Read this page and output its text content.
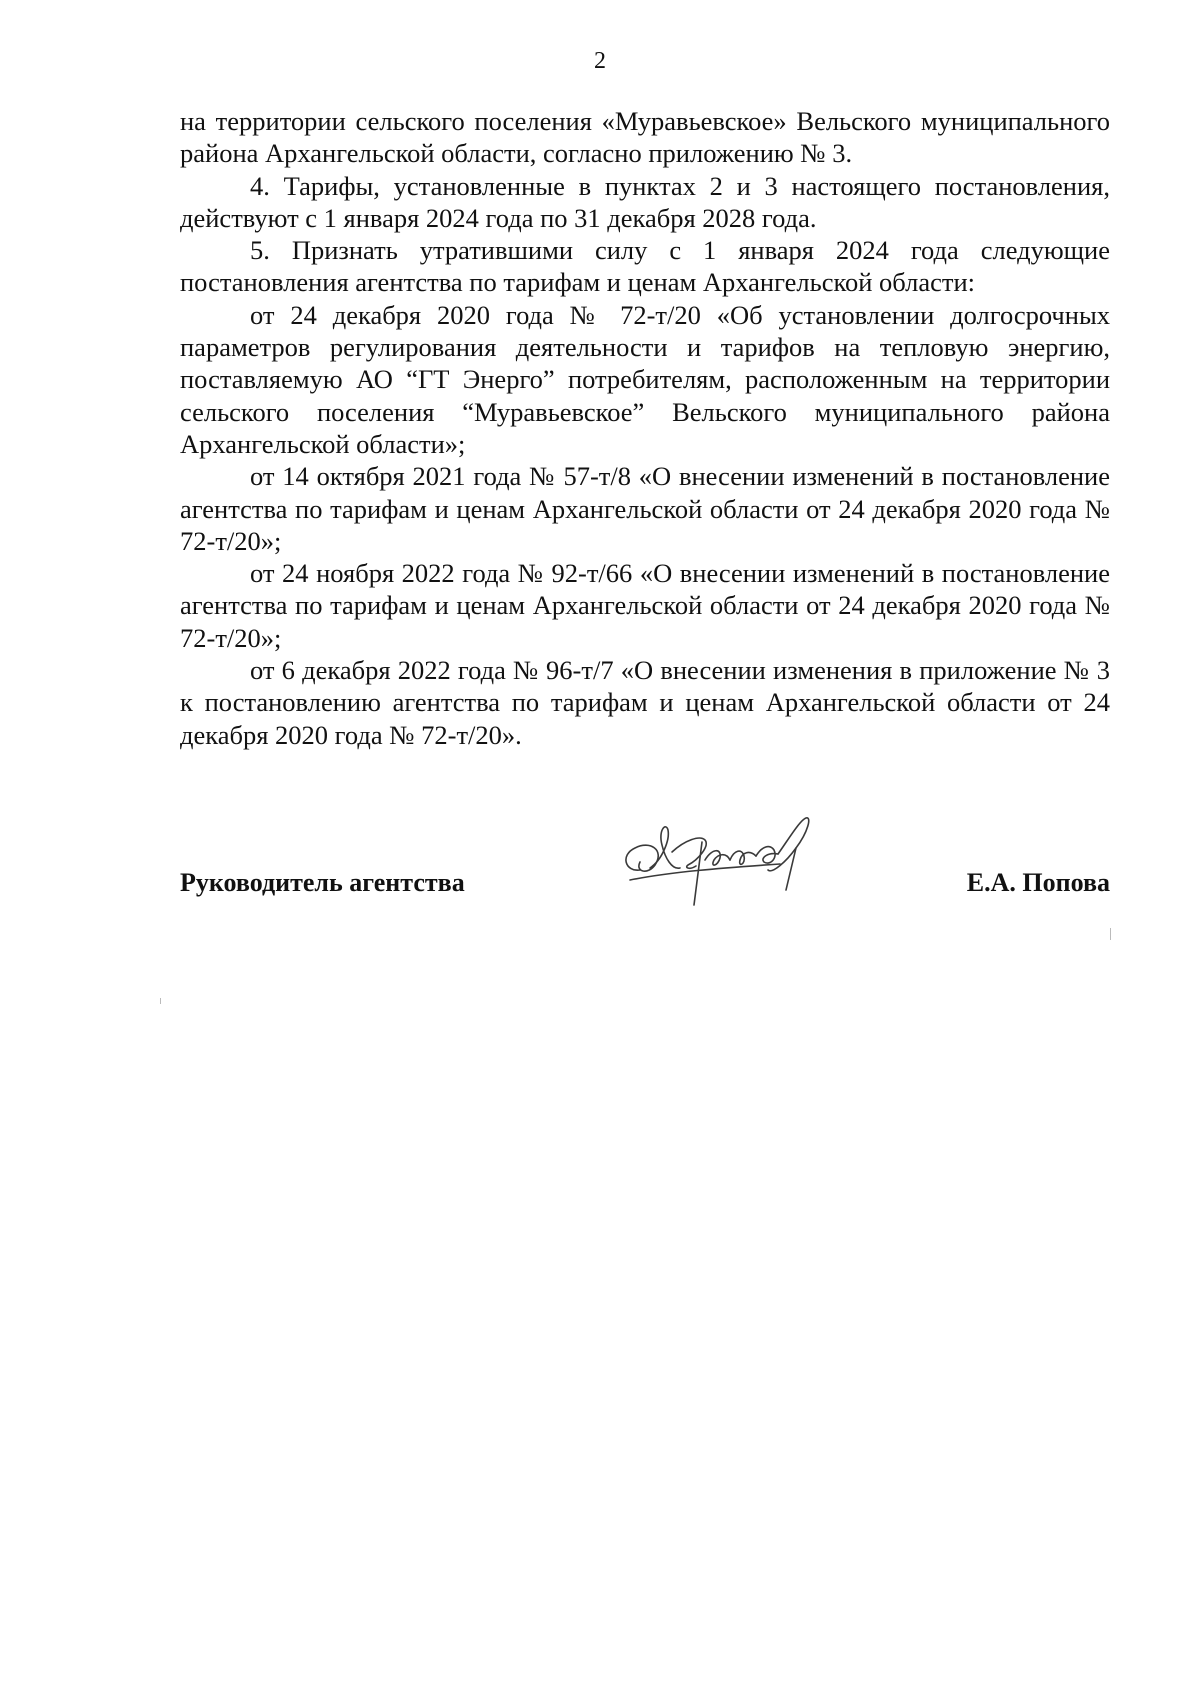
2

на территории сельского поселения «Муравьевское» Вельского муниципального района Архангельской области, согласно приложению № 3.

4. Тарифы, установленные в пунктах 2 и 3 настоящего постановления, действуют с 1 января 2024 года по 31 декабря 2028 года.

5. Признать утратившими силу с 1 января 2024 года следующие постановления агентства по тарифам и ценам Архангельской области:

от 24 декабря 2020 года № 72-т/20 «Об установлении долгосрочных параметров регулирования деятельности и тарифов на тепловую энергию, поставляемую АО “ГТ Энерго” потребителям, расположенным на территории сельского поселения “Муравьевское” Вельского муниципального района Архангельской области»;

от 14 октября 2021 года № 57-т/8 «О внесении изменений в постановление агентства по тарифам и ценам Архангельской области от 24 декабря 2020 года № 72-т/20»;

от 24 ноября 2022 года № 92-т/66 «О внесении изменений в постановление агентства по тарифам и ценам Архангельской области от 24 декабря 2020 года № 72-т/20»;

от 6 декабря 2022 года № 96-т/7 «О внесении изменения в приложение № 3 к постановлению агентства по тарифам и ценам Архангельской области от 24 декабря 2020 года № 72-т/20».

Руководитель агентства	Е.А. Попова
